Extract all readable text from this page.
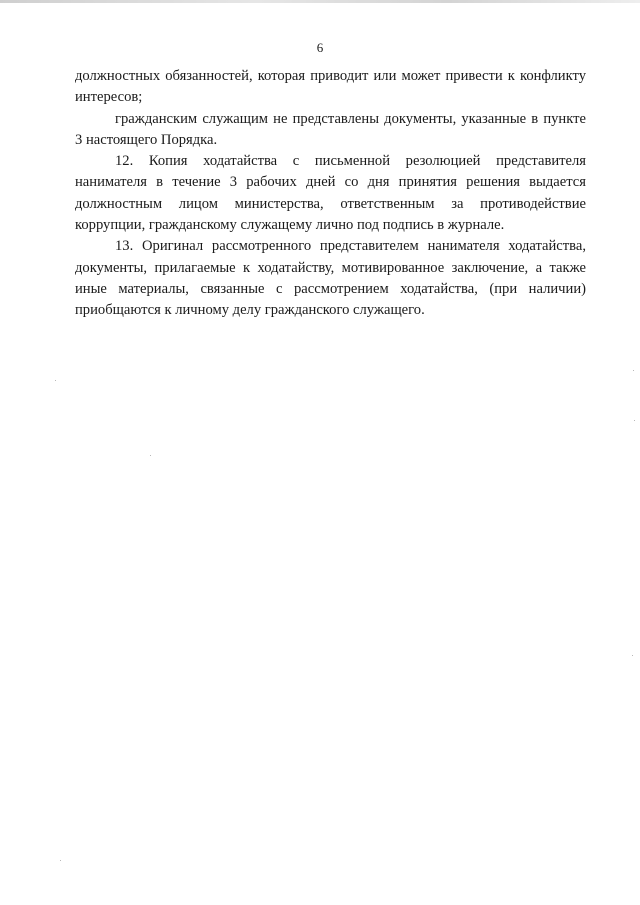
6

должностных обязанностей, которая приводит или может привести к конфликту интересов;

гражданским служащим не представлены документы, указанные в пункте 3 настоящего Порядка.

12. Копия ходатайства с письменной резолюцией представителя нанимателя в течение 3 рабочих дней со дня принятия решения выдается должностным лицом министерства, ответственным за противодействие коррупции, гражданскому служащему лично под подпись в журнале.

13. Оригинал рассмотренного представителем нанимателя ходатайства, документы, прилагаемые к ходатайству, мотивированное заключение, а также иные материалы, связанные с рассмотрением ходатайства, (при наличии) приобщаются к личному делу гражданского служащего.
